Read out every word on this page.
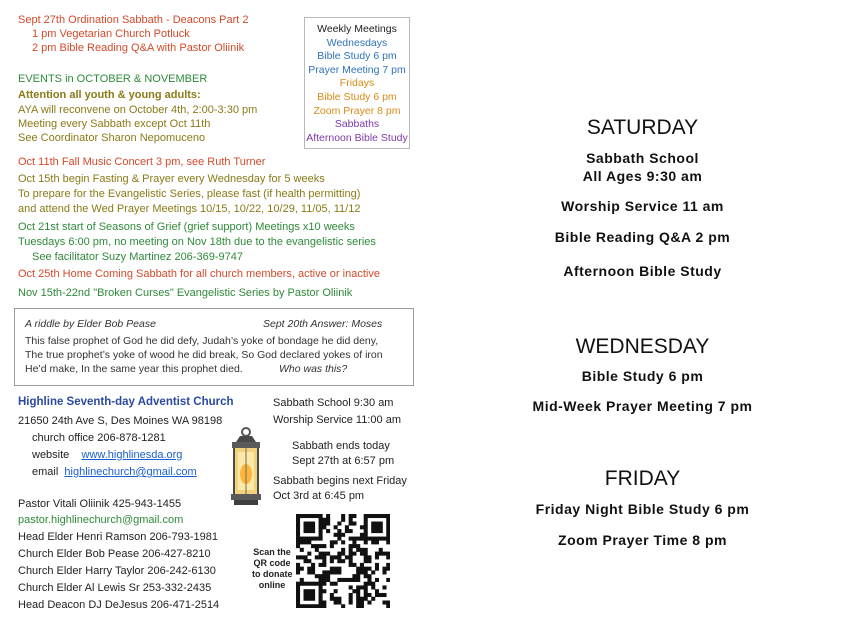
Sept 27th Ordination Sabbath - Deacons Part 2
1 pm Vegetarian Church Potluck
2 pm Bible Reading Q&A with Pastor Oliinik
EVENTS in OCTOBER & NOVEMBER
Attention all youth & young adults:
AYA will reconvene on October 4th, 2:00-3:30 pm
Meeting every Sabbath except Oct 11th
See Coordinator Sharon Nepomuceno
Oct 11th Fall Music Concert 3 pm, see Ruth Turner
Oct 15th begin Fasting & Prayer every Wednesday for 5 weeks
To prepare for the Evangelistic Series, please fast (if health permitting)
and attend the Wed Prayer Meetings 10/15, 10/22, 10/29, 11/05, 11/12
Oct 21st start of Seasons of Grief (grief support) Meetings x10 weeks
Tuesdays 6:00 pm, no meeting on Nov 18th due to the evangelistic series
See facilitator Suzy Martinez 206-369-9747
Oct 25th Home Coming Sabbath for all church members, active or inactive
Nov 15th-22nd "Broken Curses" Evangelistic Series by Pastor Oliinik
Weekly Meetings
Wednesdays
Bible Study 6 pm
Prayer Meeting 7 pm
Fridays
Bible Study 6 pm
Zoom Prayer 8 pm
Sabbaths
Afternoon Bible Study
A riddle by Elder Bob Pease	Sept 20th Answer: Moses
This false prophet of God he did defy, Judah’s yoke of bondage he did deny,
The true prophet’s yoke of wood he did break, So God declared yokes of iron
He’d make, In the same year this prophet died.	Who was this?
Highline Seventh-day Adventist Church
21650 24th Ave S, Des Moines WA 98198
church office 206-878-1281
website www.highlinesda.org
email highlinechurch@gmail.com
Pastor Vitali Oliinik 425-943-1455
pastor.highlinechurch@gmail.com
Head Elder Henri Ramson 206-793-1981
Church Elder Bob Pease 206-427-8210
Church Elder Harry Taylor 206-242-6130
Church Elder Al Lewis Sr 253-332-2435
Head Deacon DJ DeJesus 206-471-2514
Sabbath School 9:30 am
Worship Service 11:00 am
Sabbath ends today
Sept 27th at 6:57 pm
Sabbath begins next Friday
Oct 3rd at 6:45 pm
Scan the
QR code
to donate
online
SATURDAY
Sabbath School
All Ages 9:30 am
Worship Service 11 am
Bible Reading Q&A 2 pm
Afternoon Bible Study
WEDNESDAY
Bible Study 6 pm
Mid-Week Prayer Meeting 7 pm
FRIDAY
Friday Night Bible Study 6 pm
Zoom Prayer Time 8 pm
